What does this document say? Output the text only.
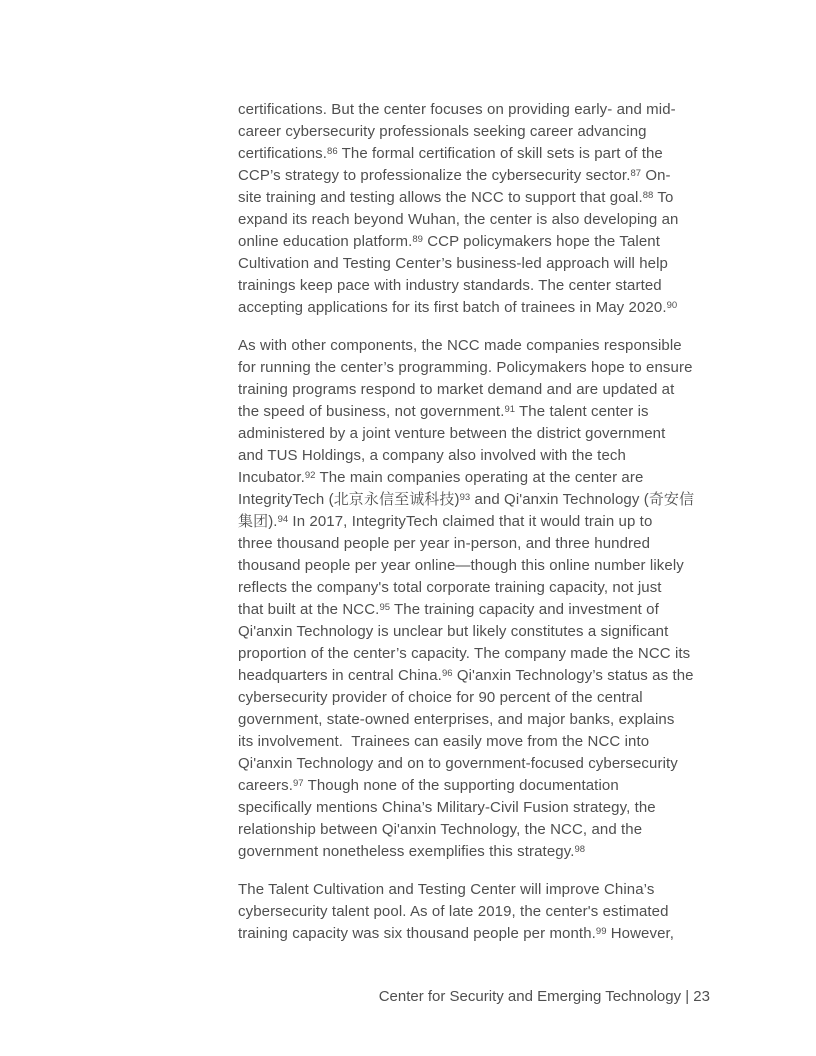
certifications. But the center focuses on providing early- and mid-
career cybersecurity professionals seeking career advancing
certifications.$^{86}$ The formal certification of skill sets is part of the
CCP’s strategy to professionalize the cybersecurity sector.$^{87}$ On-
site training and testing allows the NCC to support that goal.$^{88}$ To
expand its reach beyond Wuhan, the center is also developing an
online education platform.$^{89}$ CCP policymakers hope the Talent
Cultivation and Testing Center’s business-led approach will help
trainings keep pace with industry standards. The center started
accepting applications for its first batch of trainees in May 2020.90

As with other components, the NCC made companies responsible
for running the center’s programming. Policymakers hope to ensure
training programs respond to market demand and are updated at
the speed of business, not government.$^{91}$ The talent center is
administered by a joint venture between the district government
and TUS Holdings, a company also involved with the tech
Incubator.$^{92}$ The main companies operating at the center are
IntegrityTech (北京永信至诚科技)$^{93}$ and Qi'anxin Technology (奇安信
集团).$^{94}$ In 2017, IntegrityTech claimed that it would train up to
three thousand people per year in-person, and three hundred
thousand people per year online—though this online number likely
reflects the company's total corporate training capacity, not just
that built at the NCC.$^{95}$ The training capacity and investment of
Qi'anxin Technology is unclear but likely constitutes a significant
proportion of the center’s capacity. The company made the NCC its
headquarters in central China.$^{96}$ Qi'anxin Technology’s status as the
cybersecurity provider of choice for 90 percent of the central
government, state-owned enterprises, and major banks, explains
its involvement.  Trainees can easily move from the NCC into
Qi'anxin Technology and on to government-focused cybersecurity
careers.$^{97}$ Though none of the supporting documentation
specifically mentions China’s Military-Civil Fusion strategy, the
relationship between Qi'anxin Technology, the NCC, and the
government nonetheless exemplifies this strategy.$^{98}$

The Talent Cultivation and Testing Center will improve China’s
cybersecurity talent pool. As of late 2019, the center's estimated
training capacity was six thousand people per month.$^{99}$ However,

Center for Security and Emerging Technology | 23
